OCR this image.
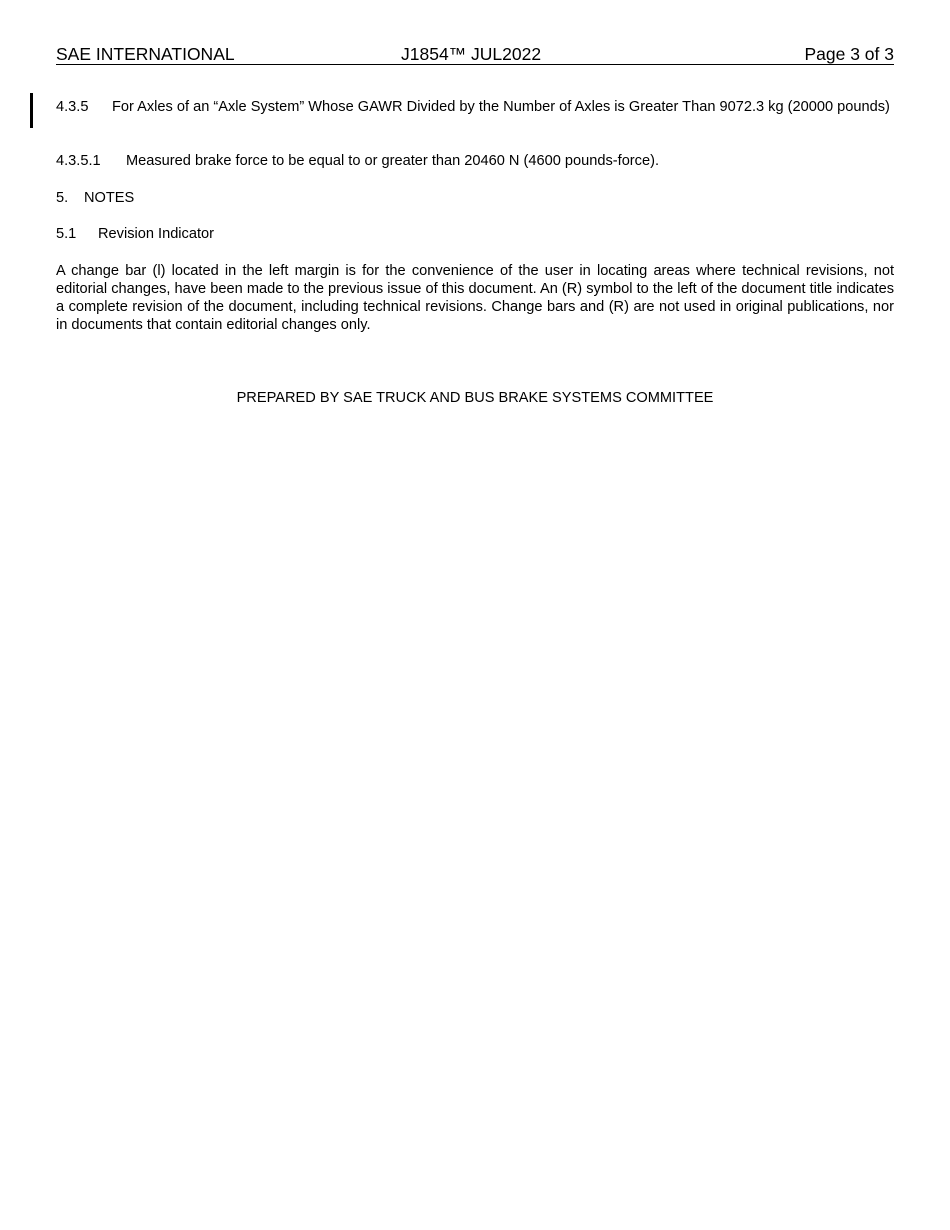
SAE INTERNATIONAL	J1854™ JUL2022	Page 3 of 3
4.3.5 For Axles of an “Axle System” Whose GAWR Divided by the Number of Axles is Greater Than 9072.3 kg (20000 pounds)
4.3.5.1 Measured brake force to be equal to or greater than 20460 N (4600 pounds-force).
5. NOTES
5.1 Revision Indicator
A change bar (l) located in the left margin is for the convenience of the user in locating areas where technical revisions, not editorial changes, have been made to the previous issue of this document. An (R) symbol to the left of the document title indicates a complete revision of the document, including technical revisions. Change bars and (R) are not used in original publications, nor in documents that contain editorial changes only.
PREPARED BY SAE TRUCK AND BUS BRAKE SYSTEMS COMMITTEE
